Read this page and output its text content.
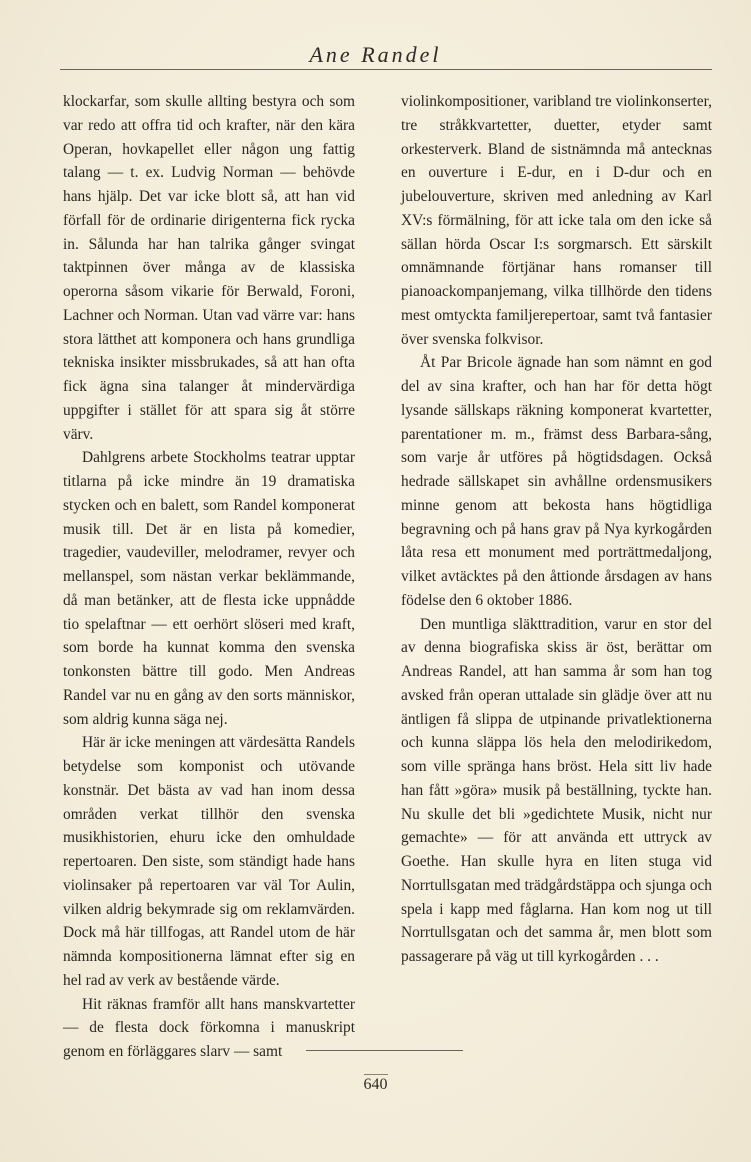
Ane Randel

klockarfar, som skulle allting bestyra och som var redo att offra tid och krafter, när den kära Operan, hovkapellet eller någon ung fattig talang — t. ex. Ludvig Norman — behövde hans hjälp. Det var icke blott så, att han vid förfall för de ordinarie dirigenterna fick rycka in. Sålunda har han talrika gånger svingat taktpinnen över många av de klassiska operorna såsom vikarie för Berwald, Foroni, Lachner och Norman. Utan vad värre var: hans stora lätthet att komponera och hans grundliga tekniska insikter missbrukades, så att han ofta fick ägna sina talanger åt mindervärdiga uppgifter i stället för att spara sig åt större värv.

Dahlgrens arbete Stockholms teatrar upptar titlarna på icke mindre än 19 dramatiska stycken och en balett, som Randel komponerat musik till. Det är en lista på komedier, tragedier, vaudeviller, melodramer, revyer och mellanspel, som nästan verkar beklämmande, då man betänker, att de flesta icke uppnådde tio spelaftnar — ett oerhört slöseri med kraft, som borde ha kunnat komma den svenska tonkonsten bättre till godo. Men Andreas Randel var nu en gång av den sorts människor, som aldrig kunna säga nej.

Här är icke meningen att värdesätta Randels betydelse som komponist och utövande konstnär. Det bästa av vad han inom dessa områden verkat tillhör den svenska musikhistorien, ehuru icke den omhuldade repertoaren. Den siste, som ständigt hade hans violinsaker på repertoaren var väl Tor Aulin, vilken aldrig bekymrade sig om reklamvärden. Dock må här tillfogas, att Randel utom de här nämnda kompositionerna lämnat efter sig en hel rad av verk av bestående värde.

Hit räknas framför allt hans manskvartetter — de flesta dock förkomna i manuskript genom en förläggares slarv — samt

violinkompositioner, varibland tre violinkonserter, tre stråkkvartetter, duetter, etyder samt orkesterverk. Bland de sistnämnda må antecknas en ouverture i E-dur, en i D-dur och en jubelouverture, skriven med anledning av Karl XV:s förmälning, för att icke tala om den icke så sällan hörda Oscar I:s sorgmarsch. Ett särskilt omnämnande förtjänar hans romanser till pianoackompanjemang, vilka tillhörde den tidens mest omtyckta familjerepertoar, samt två fantasier över svenska folkvisor.

Åt Par Bricole ägnade han som nämnt en god del av sina krafter, och han har för detta högt lysande sällskaps räkning komponerat kvartetter, parentationer m. m., främst dess Barbara-sång, som varje år utföres på högtidsdagen. Också hedrade sällskapet sin avhållne ordensmusikers minne genom att bekosta hans högtidliga begravning och på hans grav på Nya kyrkogården låta resa ett monument med porträttmedaljong, vilket avtäcktes på den åttionde årsdagen av hans födelse den 6 oktober 1886.

Den muntliga släkttradition, varur en stor del av denna biografiska skiss är öst, berättar om Andreas Randel, att han samma år som han tog avsked från operan uttalade sin glädje över att nu äntligen få slippa de utpinande privatlektionerna och kunna släppa lös hela den melodirikedom, som ville spränga hans bröst. Hela sitt liv hade han fått »göra» musik på beställning, tyckte han. Nu skulle det bli »gedichtete Musik, nicht nur gemachte» — för att använda ett uttryck av Goethe. Han skulle hyra en liten stuga vid Norrtullsgatan med trädgårdstäppa och sjunga och spela i kapp med fåglarna. Han kom nog ut till Norrtullsgatan och det samma år, men blott som passagerare på väg ut till kyrkogården . . .

640
